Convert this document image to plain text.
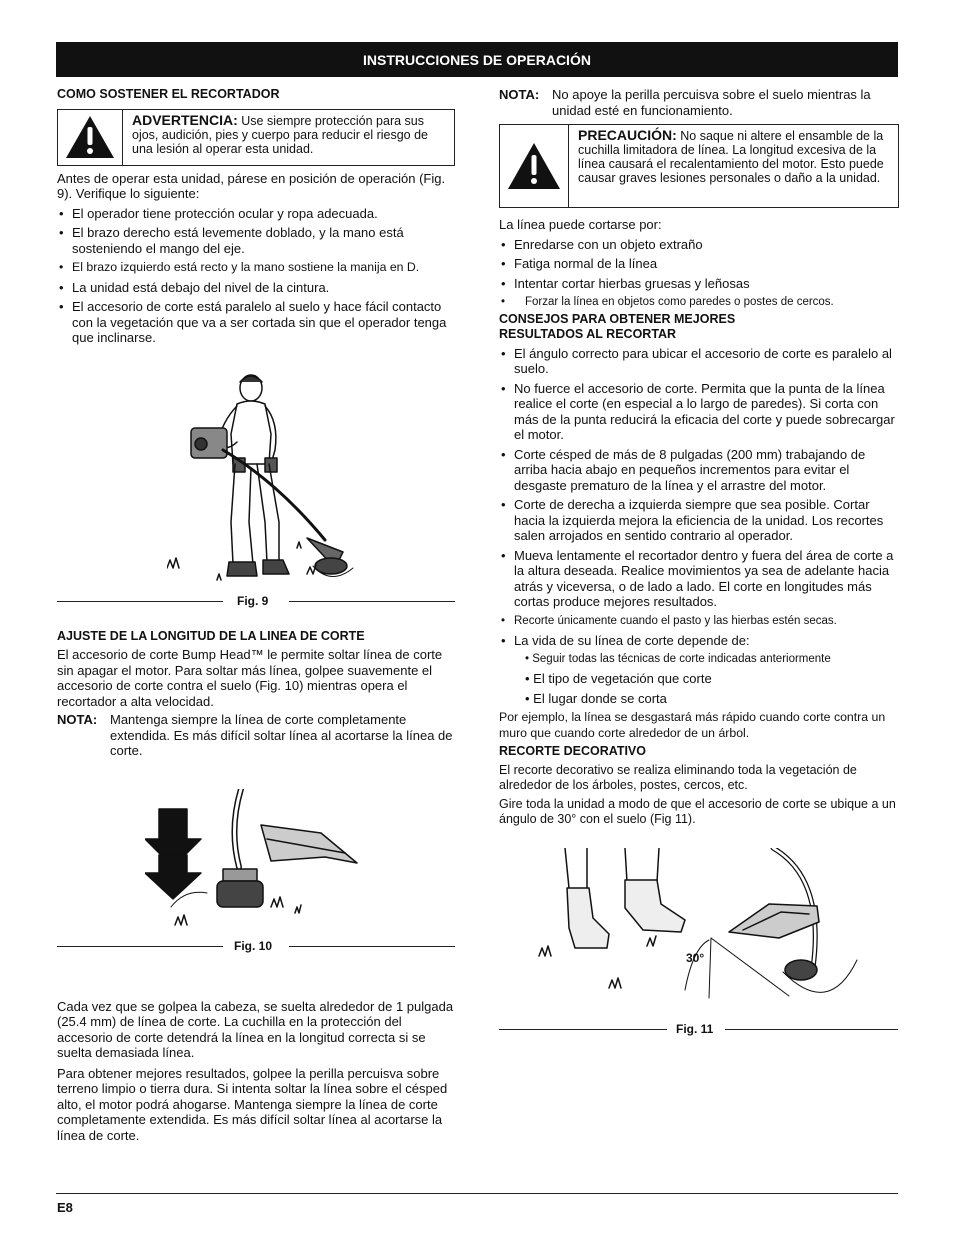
INSTRUCCIONES DE OPERACIÓN
COMO SOSTENER EL RECORTADOR
ADVERTENCIA: Use siempre protección para sus ojos, audición, pies y cuerpo para reducir el riesgo de una lesión al operar esta unidad.

Antes de operar esta unidad, párese en posición de operación (Fig. 9). Verifique lo siguiente:

• El operador tiene protección ocular y ropa adecuada.
• El brazo derecho está levemente doblado, y la mano está sosteniendo el mango del eje.
• El brazo izquierdo está recto y la mano sostiene la manija en D.
• La unidad está debajo del nivel de la cintura.
• El accesorio de corte está paralelo al suelo y hace fácil contacto con la vegetación que va a ser cortada sin que el operador tenga que inclinarse.
Fig. 9
AJUSTE DE LA LONGITUD DE LA LINEA DE CORTE

El accesorio de corte Bump Head™ le permite soltar línea de corte sin apagar el motor. Para soltar más línea, golpee suavemente el accesorio de corte contra el suelo (Fig. 10) mientras opera el recortador a alta velocidad.

NOTA: Mantenga siempre la línea de corte completamente extendida. Es más difícil soltar línea al acortarse la línea de corte.
Fig. 10

Cada vez que se golpea la cabeza, se suelta alrededor de 1 pulgada (25.4 mm) de línea de corte. La cuchilla en la protección del accesorio de corte detendrá la línea en la longitud correcta si se suelta demasiada línea.

Para obtener mejores resultados, golpee la perilla percuisva sobre terreno limpio o tierra dura. Si intenta soltar la línea sobre el césped alto, el motor podrá ahogarse. Mantenga siempre la línea de corte completamente extendida. Es más difícil soltar línea al acortarse la línea de corte.

NOTA: No apoye la perilla percuisva sobre el suelo mientras la unidad esté en funcionamiento.
PRECAUCIÓN: No saque ni altere el ensamble de la cuchilla limitadora de línea. La longitud excesiva de la línea causará el recalentamiento del motor. Esto puede causar graves lesiones personales o daño a la unidad.

La línea puede cortarse por:

• Enredarse con un objeto extraño
• Fatiga normal de la línea
• Intentar cortar hierbas gruesas y leñosas
• Forzar la línea en objetos como paredes o postes de cercos.
CONSEJOS PARA OBTENER MEJORES
RESULTADOS AL RECORTAR
• El ángulo correcto para ubicar el accesorio de corte es paralelo al suelo.
• No fuerce el accesorio de corte. Permita que la punta de la línea realice el corte (en especial a lo largo de paredes). Si corta con más de la punta reducirá la eficacia del corte y puede sobrecargar el motor.
• Corte césped de más de 8 pulgadas (200 mm) trabajando de arriba hacia abajo en pequeños incrementos para evitar el desgaste prematuro de la línea y el arrastre del motor.
• Corte de derecha a izquierda siempre que sea posible. Cortar hacia la izquierda mejora la eficiencia de la unidad. Los recortes salen arrojados en sentido contrario al operador.
• Mueva lentamente el recortador dentro y fuera del área de corte a la altura deseada. Realice movimientos ya sea de adelante hacia atrás y viceversa, o de lado a lado. El corte en longitudes más cortas produce mejores resultados.
• Recorte únicamente cuando el pasto y las hierbas estén secas.
• La vida de su línea de corte depende de:

• Seguir todas las técnicas de corte indicadas anteriormente

• El tipo de vegetación que corte

• El lugar donde se corta

Por ejemplo, la línea se desgastará más rápido cuando corte contra un muro que cuando corte alrededor de un árbol.

RECORTE DECORATIVO

El recorte decorativo se realiza eliminando toda la vegetación de alrededor de los árboles, postes, cercos, etc.

Gire toda la unidad a modo de que el accesorio de corte se ubique a un ángulo de 30° con el suelo (Fig 11).

30°
Fig. 11
E8
